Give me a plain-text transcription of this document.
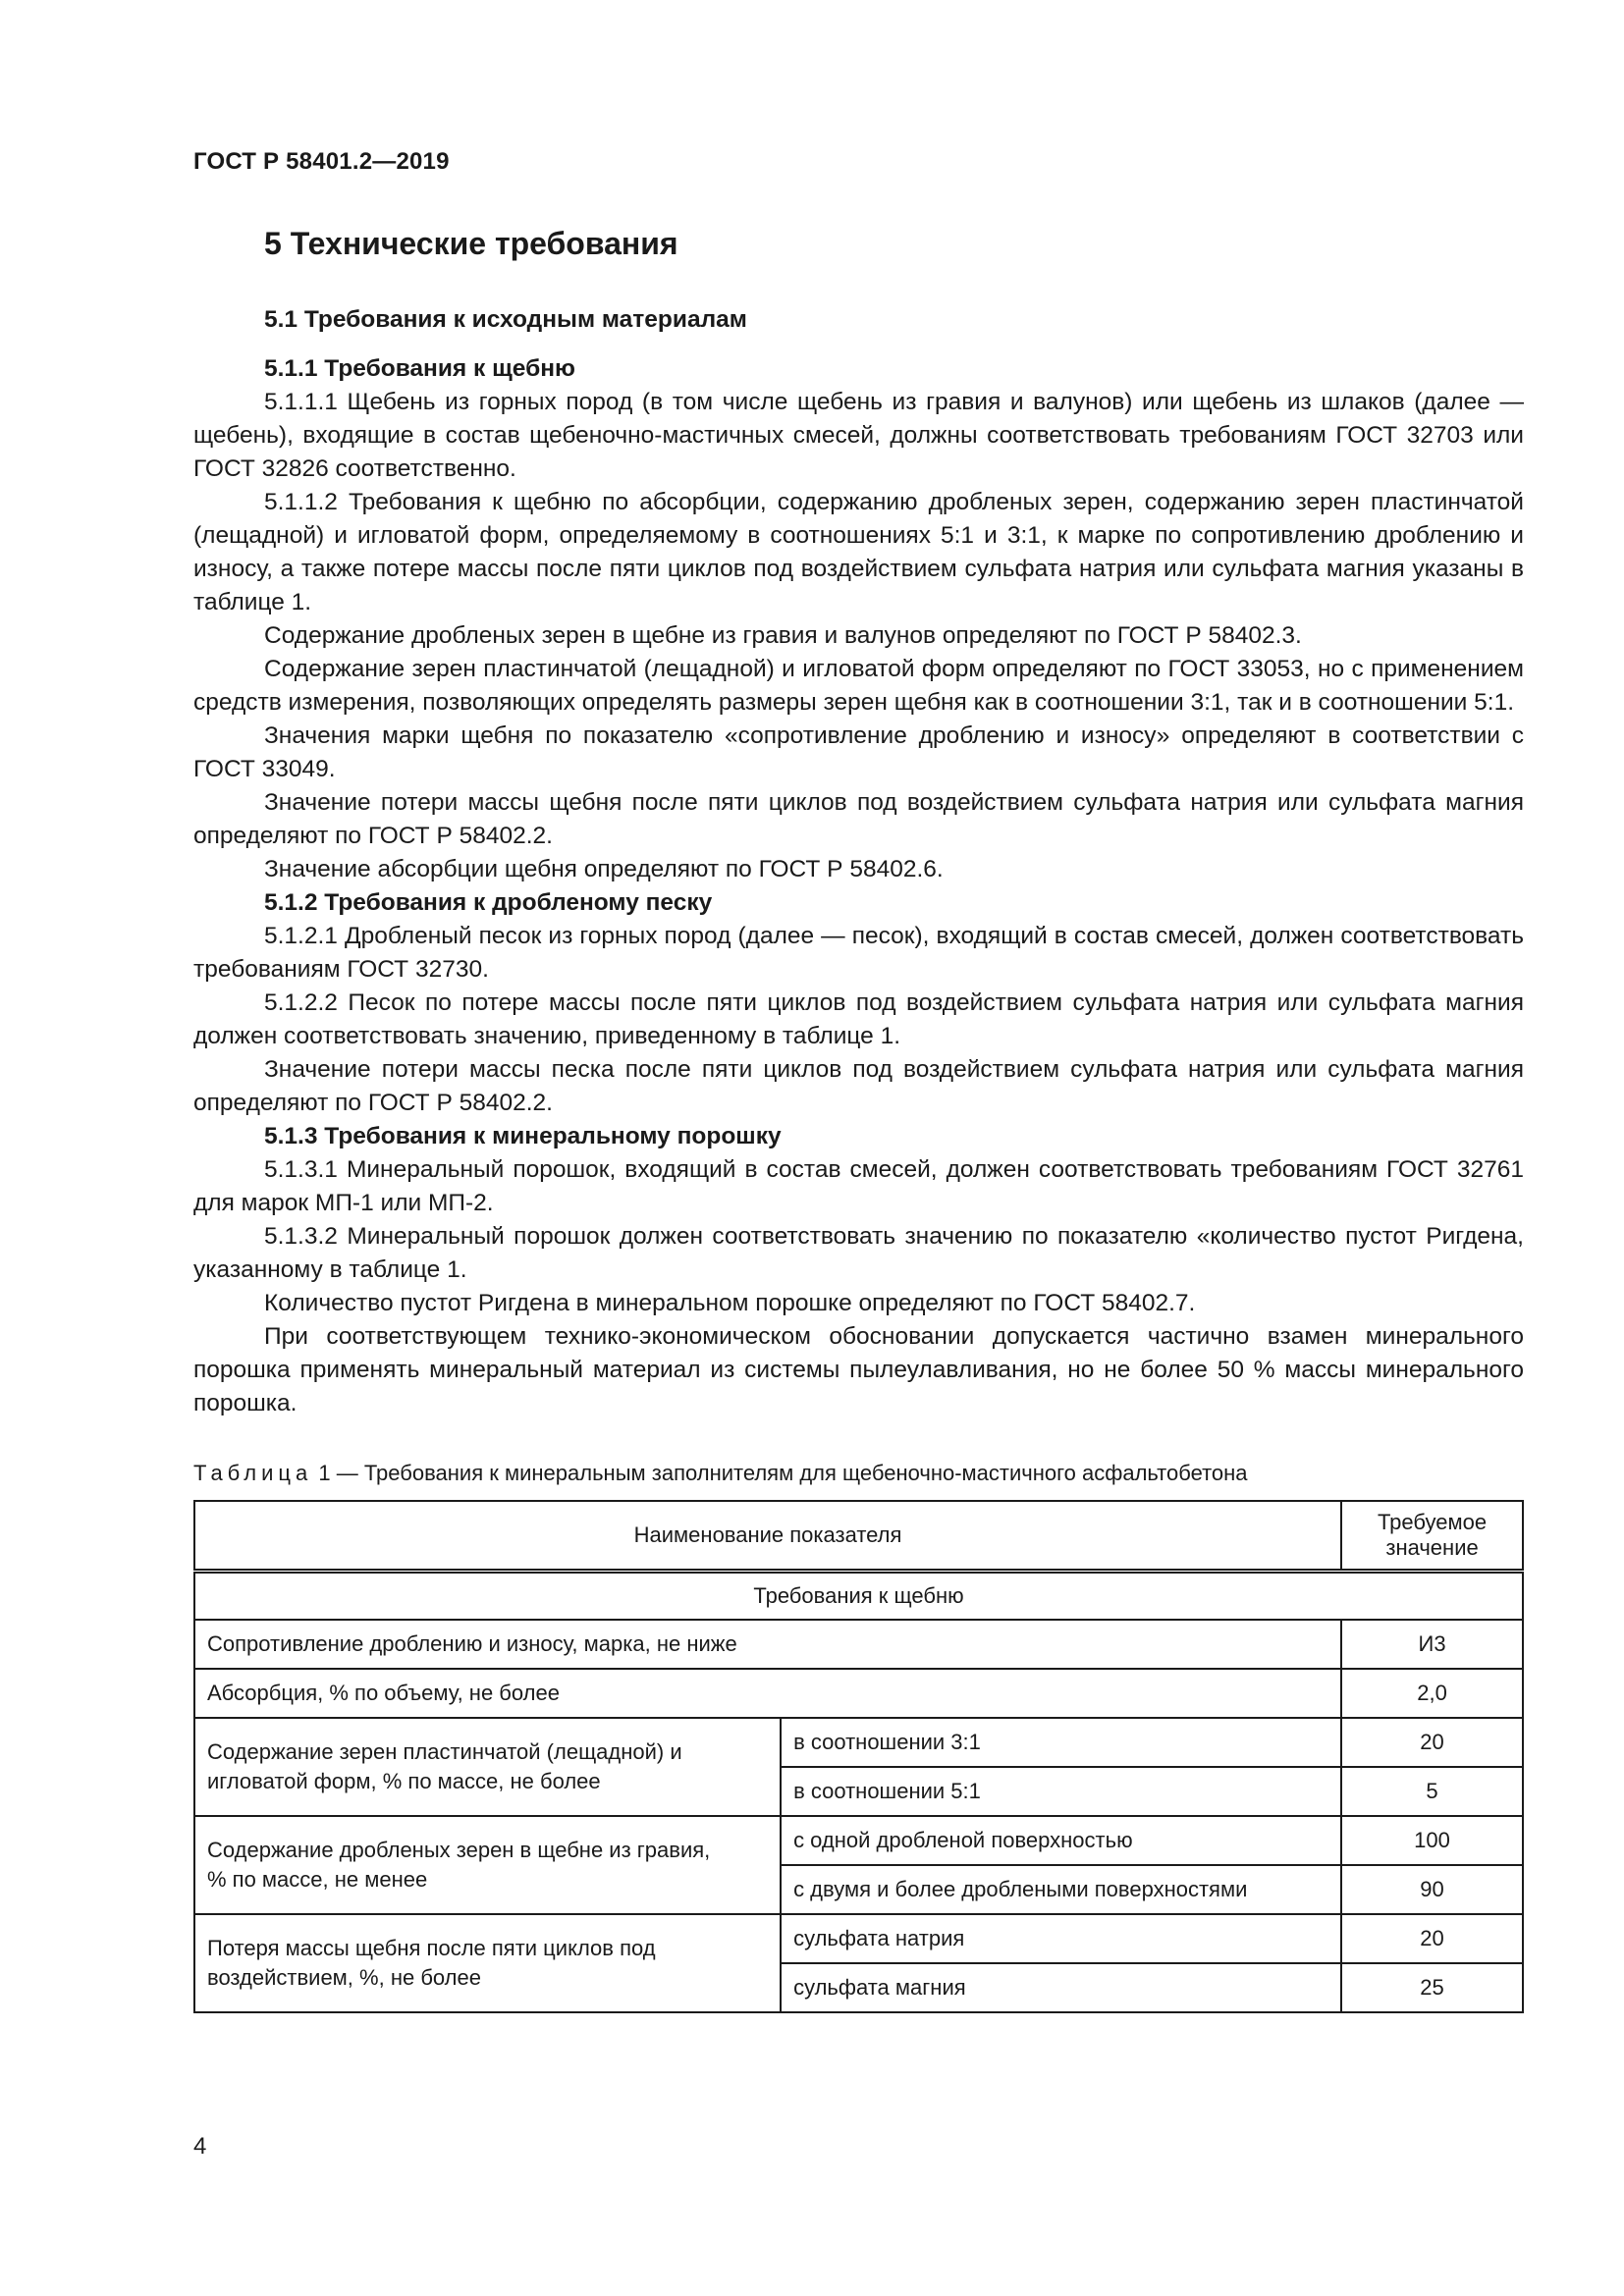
ГОСТ Р 58401.2—2019
5 Технические требования

5.1 Требования к исходным материалам

5.1.1 Требования к щебню

5.1.1.1 Щебень из горных пород (в том числе щебень из гравия и валунов) или щебень из шлаков (далее — щебень), входящие в состав щебеночно-мастичных смесей, должны соответствовать требованиям ГОСТ 32703 или ГОСТ 32826 соответственно.

5.1.1.2 Требования к щебню по абсорбции, содержанию дробленых зерен, содержанию зерен пластинчатой (лещадной) и игловатой форм, определяемому в соотношениях 5:1 и 3:1, к марке по сопротивлению дроблению и износу, а также потере массы после пяти циклов под воздействием сульфата натрия или сульфата магния указаны в таблице 1.

Содержание дробленых зерен в щебне из гравия и валунов определяют по ГОСТ Р 58402.3.

Содержание зерен пластинчатой (лещадной) и игловатой форм определяют по ГОСТ 33053, но с применением средств измерения, позволяющих определять размеры зерен щебня как в соотношении 3:1, так и в соотношении 5:1.

Значения марки щебня по показателю «сопротивление дроблению и износу» определяют в соответствии с ГОСТ 33049.

Значение потери массы щебня после пяти циклов под воздействием сульфата натрия или сульфата магния определяют по ГОСТ Р 58402.2.

Значение абсорбции щебня определяют по ГОСТ Р 58402.6.

5.1.2 Требования к дробленому песку

5.1.2.1 Дробленый песок из горных пород (далее — песок), входящий в состав смесей, должен соответствовать требованиям ГОСТ 32730.

5.1.2.2 Песок по потере массы после пяти циклов под воздействием сульфата натрия или сульфата магния должен соответствовать значению, приведенному в таблице 1.

Значение потери массы песка после пяти циклов под воздействием сульфата натрия или сульфата магния определяют по ГОСТ Р 58402.2.

5.1.3 Требования к минеральному порошку

5.1.3.1 Минеральный порошок, входящий в состав смесей, должен соответствовать требованиям ГОСТ 32761 для марок МП-1 или МП-2.

5.1.3.2 Минеральный порошок должен соответствовать значению по показателю «количество пустот Ригдена, указанному в таблице 1.

Количество пустот Ригдена в минеральном порошке определяют по ГОСТ 58402.7.

При соответствующем технико-экономическом обосновании допускается частично взамен минерального порошка применять минеральный материал из системы пылеулавливания, но не более 50 % массы минерального порошка.

Таблица 1 — Требования к минеральным заполнителям для щебеночно-мастичного асфальтобетона
Наименование показателя		Требуемое значение
Требования к щебню		
Сопротивление дроблению и износу, марка, не ниже		И3
Абсорбция, % по объему, не более		2,0
Содержание зерен пластинчатой (лещадной) и игловатой форм, % по массе, не более	в соотношении 3:1	20
	в соотношении 5:1	5
Содержание дробленых зерен в щебне из гравия, % по массе, не менее	с одной дробленой поверхностью	100
	с двумя и более дроблеными поверхностями	90
Потеря массы щебня после пяти циклов под воздействием, %, не более	сульфата натрия	20
	сульфата магния	25
4
